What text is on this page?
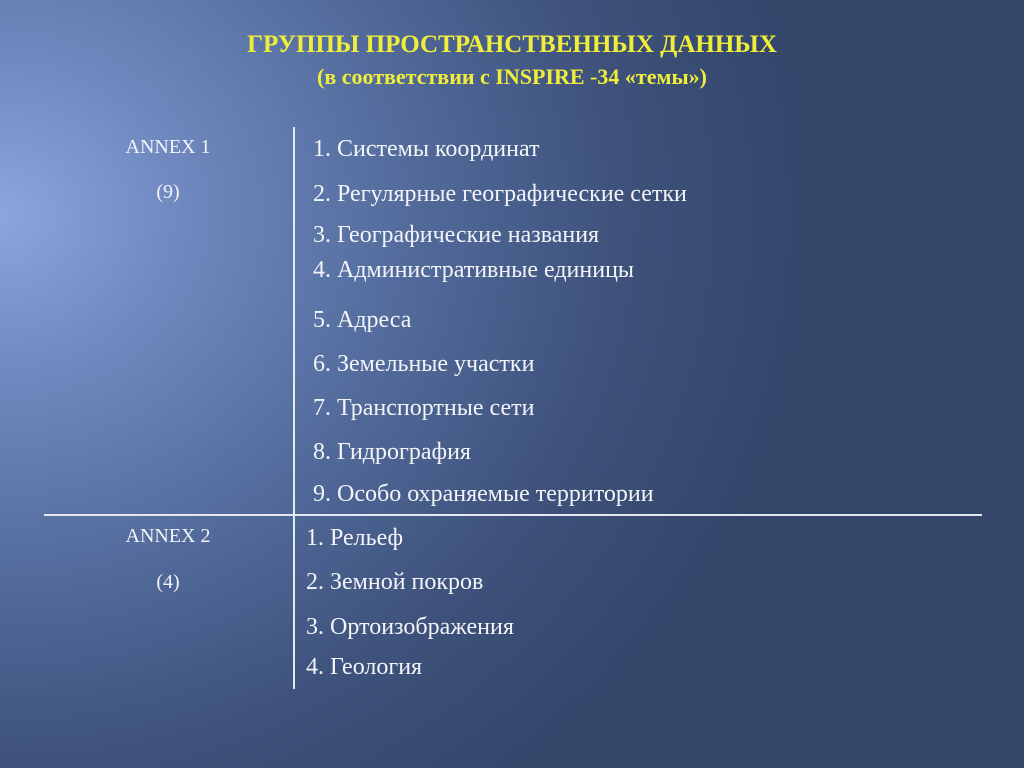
ГРУППЫ ПРОСТРАНСТВЕННЫХ ДАННЫХ
(в соответствии с INSPIRE -34 «темы»)
ANNEX 1
(9)
1. Системы координат
2. Регулярные географические сетки
3. Географические названия
4. Административные единицы
5. Адреса
6. Земельные участки
7. Транспортные сети
8. Гидрография
9. Особо охраняемые территории
ANNEX 2
(4)
1. Рельеф
2. Земной покров
3. Ортоизображения
4. Геология
